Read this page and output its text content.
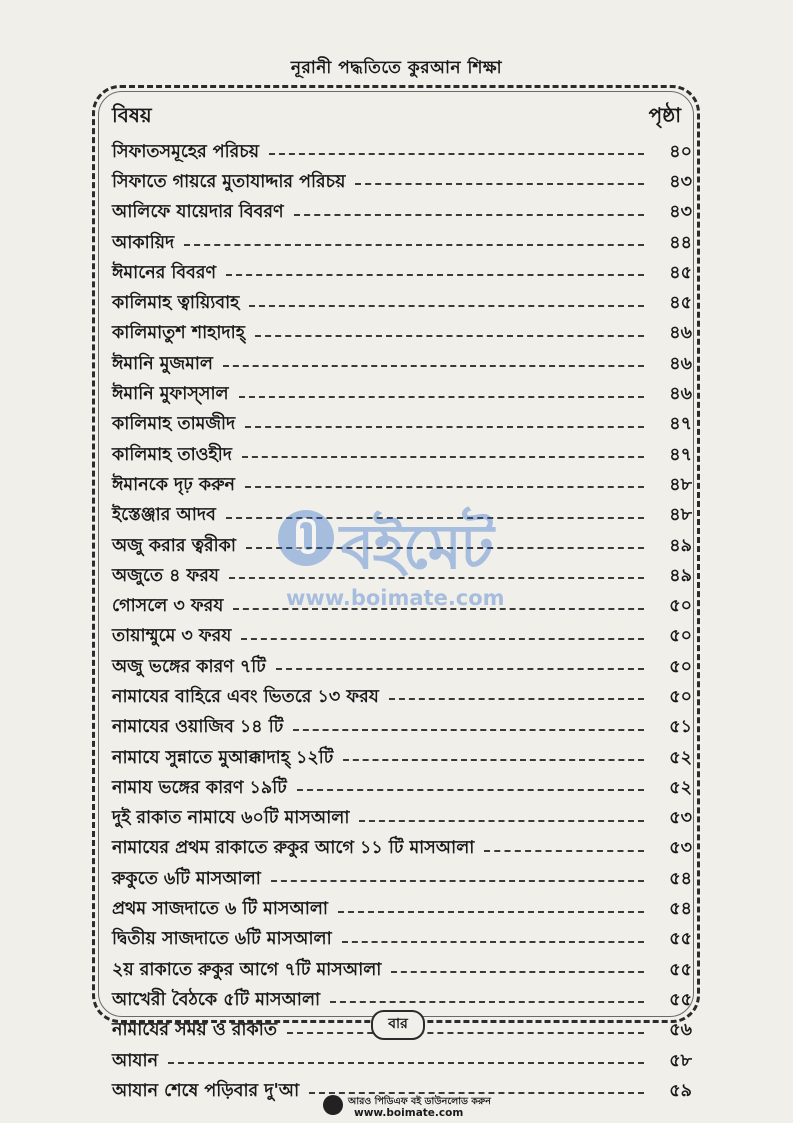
নূরানী পদ্ধতিতে কুরআন শিক্ষা
বিষয়	পৃষ্ঠা
সিফাতসমূহের পরিচয়	৪০
সিফাতে গায়রে মুতাযাদ্দার পরিচয়	৪৩
আলিফে যায়েদার বিবরণ	৪৩
আকায়িদ	৪৪
ঈমানের বিবরণ	৪৫
কালিমাহ ত্বায়্যিবাহ	৪৫
কালিমাতুশ শাহাদাহ্	৪৬
ঈমানি মুজমাল	৪৬
ঈমানি মুফাস্সাল	৪৬
কালিমাহ তামজীদ	৪৭
কালিমাহ তাওহীদ	৪৭
ঈমানকে দৃঢ় করুন	৪৮
ইস্তেঞ্জার আদব	৪৮
অজু করার ত্বরীকা	৪৯
অজুতে ৪ ফরয	৪৯
গোসলে ৩ ফরয	৫০
তায়াম্মুমে ৩ ফরয	৫০
অজু ভঙ্গের কারণ ৭টি	৫০
নামাযের বাহিরে এবং ভিতরে ১৩ ফরয	৫০
নামাযের ওয়াজিব ১৪ টি	৫১
নামাযে সুন্নাতে মুআক্কাদাহ্ ১২টি	৫২
নামায ভঙ্গের কারণ ১৯টি	৫২
দুই রাকাত নামাযে ৬০টি মাসআলা	৫৩
নামাযের প্রথম রাকাতে রুকুর আগে ১১ টি মাসআলা	৫৩
রুকুতে ৬টি মাসআলা	৫৪
প্রথম সাজদাতে ৬ টি মাসআলা	৫৪
দ্বিতীয় সাজদাতে ৬টি মাসআলা	৫৫
২য় রাকাতে রুকুর আগে ৭টি মাসআলা	৫৫
আখেরী বৈঠকে ৫টি মাসআলা	৫৫
নামাযের সময় ও রাকাত	৫৬
আযান	৫৮
আযান শেষে পড়িবার দু'আ	৫৯
বইমেট
www.boimate.com
বার
আরও পিডিএফ বই ডাউনলোড করুন
www.boimate.com
